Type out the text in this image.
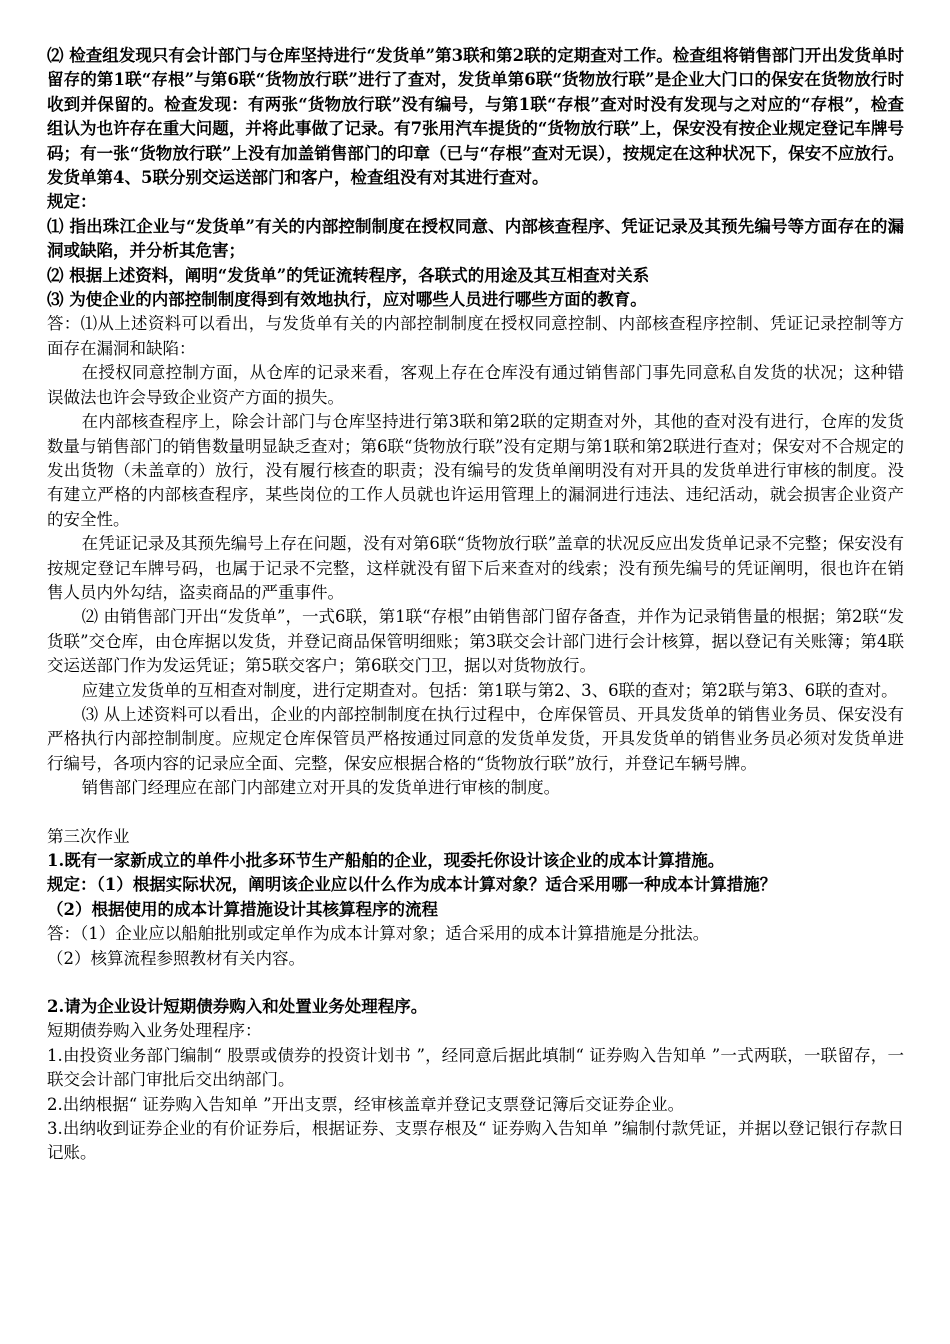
⑵ 检查组发现只有会计部门与仓库坚持进行“发货单”第3联和第2联的定期查对工作。检查组将销售部门开出发货单时留存的第1联“存根”与第6联“货物放行联”进行了查对，发货单第6联“货物放行联”是企业大门口的保安在货物放行时收到并保留的。检查发现：有两张“货物放行联”没有编号，与第1联“存根”查对时没有发现与之对应的“存根”，检查组认为也许存在重大问题，并将此事做了记录。有7张用汽车提货的“货物放行联”上，保安没有按企业规定登记车牌号码；有一张“货物放行联”上没有加盖销售部门的印章（已与“存根”查对无误），按规定在这种状况下，保安不应放行。发货单第4、5联分别交运送部门和客户，检查组没有对其进行查对。

规定：

⑴ 指出珠江企业与“发货单”有关的内部控制制度在授权同意、内部核查程序、凭证记录及其预先编号等方面存在的漏洞或缺陷，并分析其危害；

⑵ 根据上述资料，阐明“发货单”的凭证流转程序，各联式的用途及其互相查对关系

⑶ 为使企业的内部控制制度得到有效地执行，应对哪些人员进行哪些方面的教育。

答：⑴从上述资料可以看出，与发货单有关的内部控制制度在授权同意控制、内部核查程序控制、凭证记录控制等方面存在漏洞和缺陷：

在授权同意控制方面，从仓库的记录来看，客观上存在仓库没有通过销售部门事先同意私自发货的状况；这种错误做法也许会导致企业资产方面的损失。

在内部核查程序上，除会计部门与仓库坚持进行第3联和第2联的定期查对外，其他的查对没有进行，仓库的发货数量与销售部门的销售数量明显缺乏查对；第6联“货物放行联”没有定期与第1联和第2联进行查对；保安对不合规定的发出货物（未盖章的）放行，没有履行核查的职责；没有编号的发货单阐明没有对开具的发货单进行审核的制度。没有建立严格的内部核查程序，某些岗位的工作人员就也许运用管理上的漏洞进行违法、违纪活动，就会损害企业资产的安全性。

在凭证记录及其预先编号上存在问题，没有对第6联“货物放行联”盖章的状况反应出发货单记录不完整；保安没有按规定登记车牌号码，也属于记录不完整，这样就没有留下后来查对的线索；没有预先编号的凭证阐明，很也许在销售人员内外勾结，盗卖商品的严重事件。

⑵ 由销售部门开出“发货单”，一式6联，第1联“存根”由销售部门留存备查，并作为记录销售量的根据；第2联“发货联”交仓库，由仓库据以发货，并登记商品保管明细账；第3联交会计部门进行会计核算，据以登记有关账簿；第4联交运送部门作为发运凭证；第5联交客户；第6联交门卫，据以对货物放行。

应建立发货单的互相查对制度，进行定期查对。包括：第1联与第2、3、6联的查对；第2联与第3、6联的查对。

⑶ 从上述资料可以看出，企业的内部控制制度在执行过程中，仓库保管员、开具发货单的销售业务员、保安没有严格执行内部控制制度。应规定仓库保管员严格按通过同意的发货单发货，开具发货单的销售业务员必须对发货单进行编号，各项内容的记录应全面、完整，保安应根据合格的“货物放行联”放行，并登记车辆号牌。

销售部门经理应在部门内部建立对开具的发货单进行审核的制度。

第三次作业

1.既有一家新成立的单件小批多环节生产船舶的企业，现委托你设计该企业的成本计算措施。

规定：（1）根据实际状况，阐明该企业应以什么作为成本计算对象？适合采用哪一种成本计算措施？

（2）根据使用的成本计算措施设计其核算程序的流程

答：（1）企业应以船舶批别或定单作为成本计算对象；适合采用的成本计算措施是分批法。

（2）核算流程参照教材有关内容。

2.请为企业设计短期债券购入和处置业务处理程序。

短期债券购入业务处理程序：

1.由投资业务部门编制“ 股票或债券的投资计划书 ”，经同意后据此填制“ 证券购入告知单 ”一式两联，一联留存，一联交会计部门审批后交出纳部门。

2.出纳根据“ 证券购入告知单 ”开出支票，经审核盖章并登记支票登记簿后交证券企业。

3.出纳收到证券企业的有价证券后，根据证券、支票存根及“ 证券购入告知单 ”编制付款凭证，并据以登记银行存款日记账。
